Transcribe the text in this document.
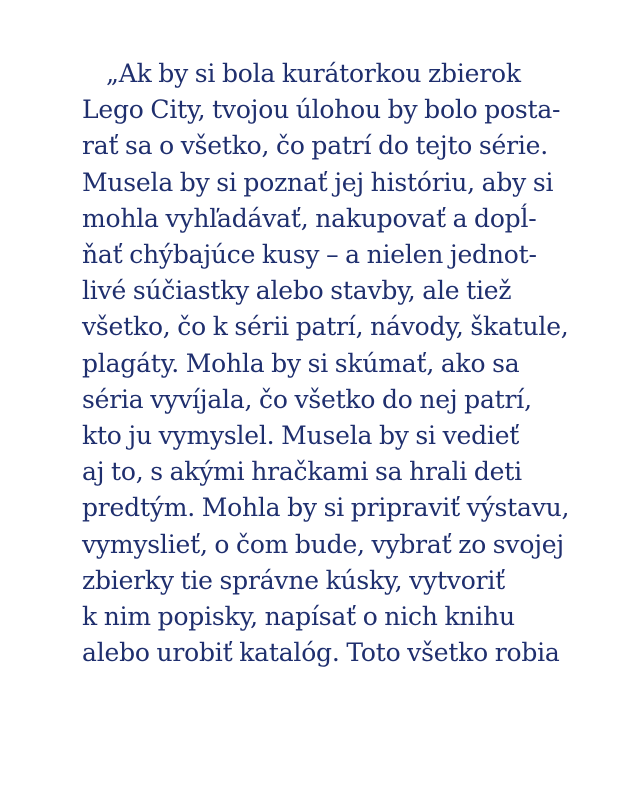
„Ak by si bola kurátorkou zbierok
Lego City, tvojou úlohou by bolo posta-
rať sa o všetko, čo patrí do tejto série.
Musela by si poznať jej históriu, aby si
mohla vyhľadávať, nakupovať a dopĺ-
ňať chýbajúce kusy – a nielen jednot-
livé súčiastky alebo stavby, ale tiež
všetko, čo k sérii patrí, návody, škatule,
plagáty. Mohla by si skúmať, ako sa
séria vyvíjala, čo všetko do nej patrí,
kto ju vymyslel. Musela by si vedieť
aj to, s akými hračkami sa hrali deti
predtým. Mohla by si pripraviť výstavu,
vymyslieť, o čom bude, vybrať zo svojej
zbierky tie správne kúsky, vytvoriť
k nim popisky, napísať o nich knihu
alebo urobiť katalóg. Toto všetko robia
